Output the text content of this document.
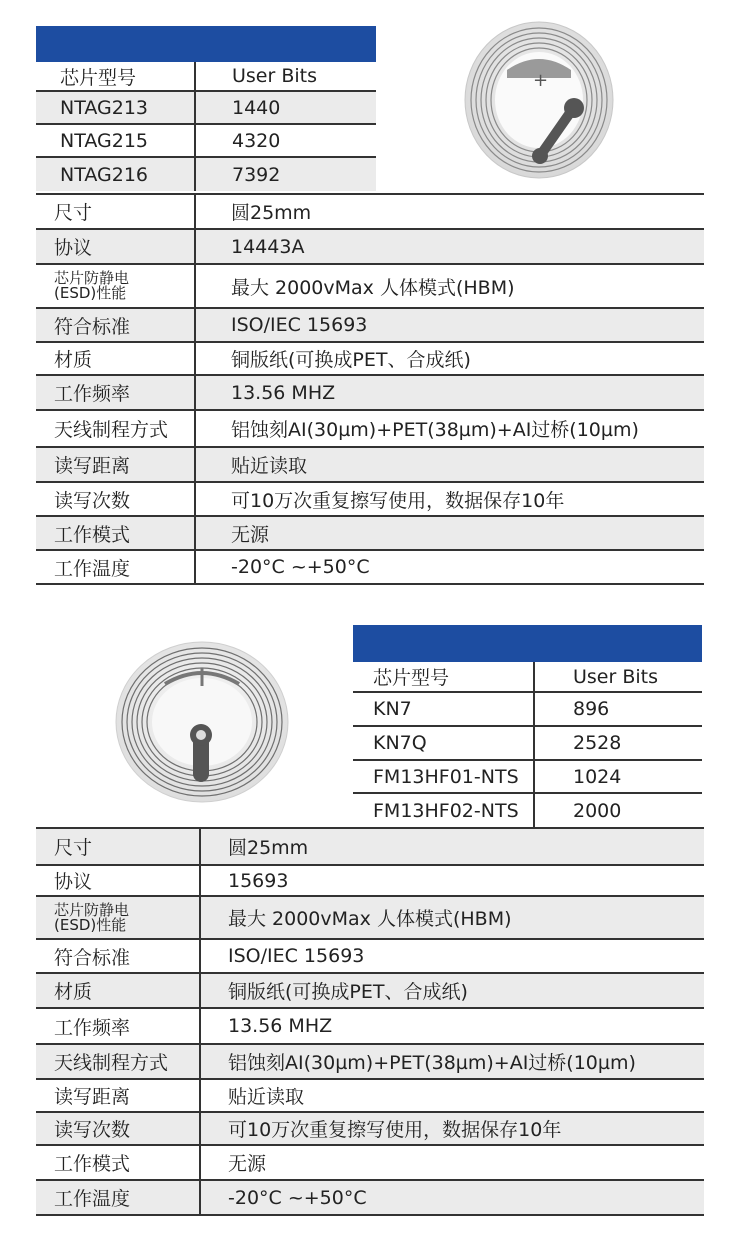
芯片型号	User Bits
NTAG213	1440
NTAG215	4320
NTAG216	7392
+
尺寸	圆25mm
协议	14443A
芯片防静电
(ESD)性能	最大 2000vMax 人体模式(HBM)
符合标准	ISO/IEC 15693
材质	铜版纸(可换成PET、合成纸)
工作频率	13.56 MHZ
天线制程方式	铝蚀刻AI(30µm)+PET(38µm)+AI过桥(10µm)
读写距离	贴近读取
读写次数	可10万次重复擦写使用，数据保存10年
工作模式	无源
工作温度	-20°C ~+50°C
芯片型号	User Bits
KN7	896
KN7Q	2528
FM13HF01-NTS	1024
FM13HF02-NTS	2000
尺寸	圆25mm
协议	15693
芯片防静电
(ESD)性能	最大 2000vMax 人体模式(HBM)
符合标准	ISO/IEC 15693
材质	铜版纸(可换成PET、合成纸)
工作频率	13.56 MHZ
天线制程方式	铝蚀刻AI(30µm)+PET(38µm)+AI过桥(10µm)
读写距离	贴近读取
读写次数	可10万次重复擦写使用，数据保存10年
工作模式	无源
工作温度	-20°C ~+50°C
